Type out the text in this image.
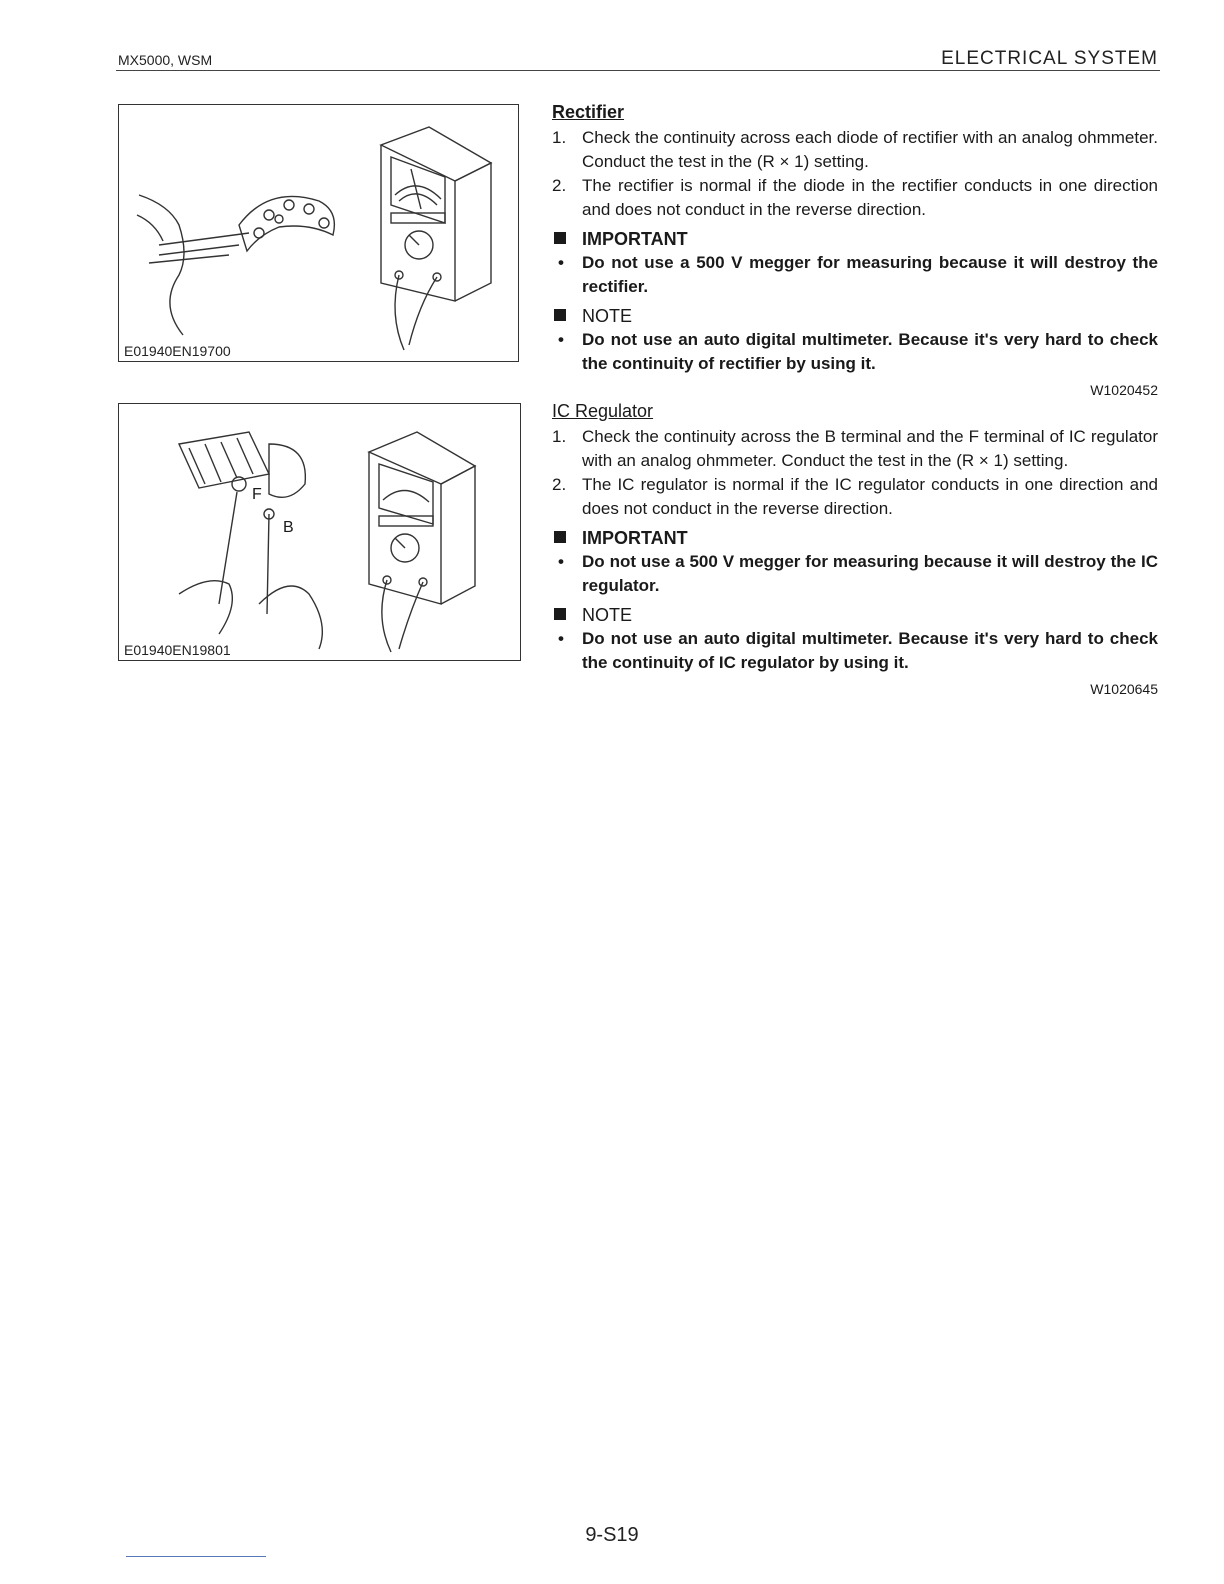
MX5000, WSM	ELECTRICAL SYSTEM
E01940EN19700
F
B
E01940EN19801
Rectifier
1. Check the continuity across each diode of rectifier with an analog ohmmeter. Conduct the test in the (R × 1) setting.
2. The rectifier is normal if the diode in the rectifier conducts in one direction and does not conduct in the reverse direction.
IMPORTANT
• Do not use a 500 V megger for measuring because it will destroy the rectifier.
NOTE
• Do not use an auto digital multimeter. Because it's very hard to check the continuity of rectifier by using it.
W1020452
IC Regulator
1. Check the continuity across the B terminal and the F terminal of IC regulator with an analog ohmmeter. Conduct the test in the (R × 1) setting.
2. The IC regulator is normal if the IC regulator conducts in one direction and does not conduct in the reverse direction.
IMPORTANT
• Do not use a 500 V megger for measuring because it will destroy the IC regulator.
NOTE
• Do not use an auto digital multimeter. Because it's very hard to check the continuity of IC regulator by using it.
W1020645
9-S19
